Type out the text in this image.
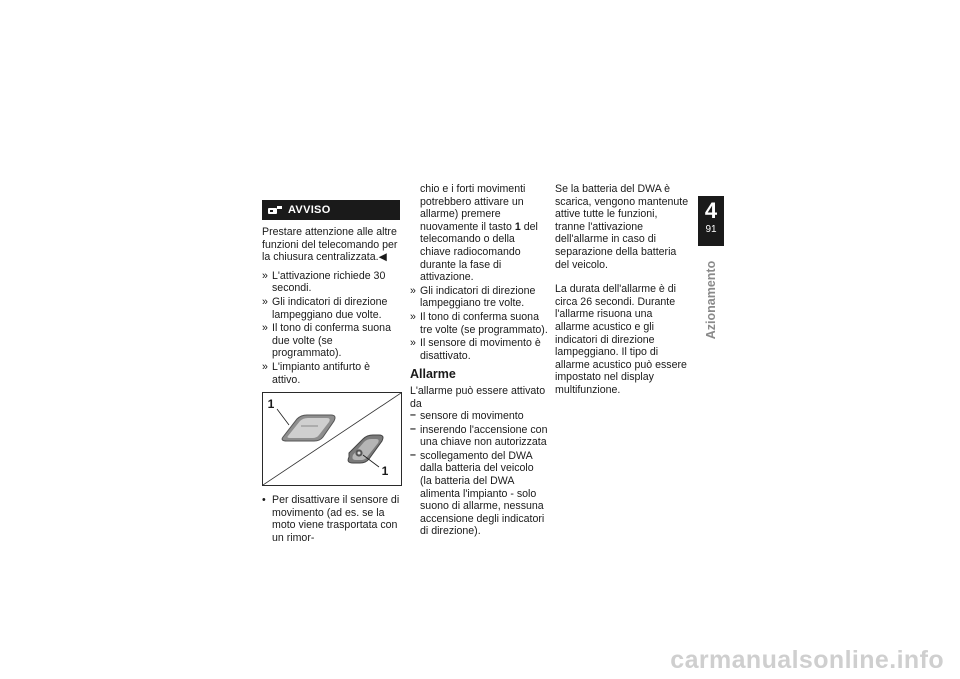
AVVISO

Prestare attenzione alle altre funzioni del telecomando per la chiusura centralizzata.◀

» L'attivazione richiede 30 secondi.
» Gli indicatori di direzione lampeggiano due volte.
» Il tono di conferma suona due volte (se programmato).
» L'impianto antifurto è attivo.
1
1
• Per disattivare il sensore di movimento (ad es. se la moto viene trasportata con un rimor-

chio e i forti movimenti potrebbero attivare un allarme) premere nuovamente il tasto 1 del telecomando o della chiave radiocomando durante la fase di attivazione.

» Gli indicatori di direzione lampeggiano tre volte.
» Il tono di conferma suona tre volte (se programmato).
» Il sensore di movimento è disattivato.
Allarme

L'allarme può essere attivato da

– sensore di movimento
– inserendo l'accensione con una chiave non autorizzata
– scollegamento del DWA dalla batteria del veicolo (la batteria del DWA alimenta l'impianto - solo suono di allarme, nessuna accensione degli indicatori di direzione).

Se la batteria del DWA è scarica, vengono mantenute attive tutte le funzioni, tranne l'attivazione dell'allarme in caso di separazione della batteria del veicolo.

La durata dell'allarme è di circa 26 secondi. Durante l'allarme risuona una allarme acustico e gli indicatori di direzione lampeggiano. Il tipo di allarme acustico può essere impostato nel display multifunzione.

4
91
Azionamento
carmanualsonline.info
